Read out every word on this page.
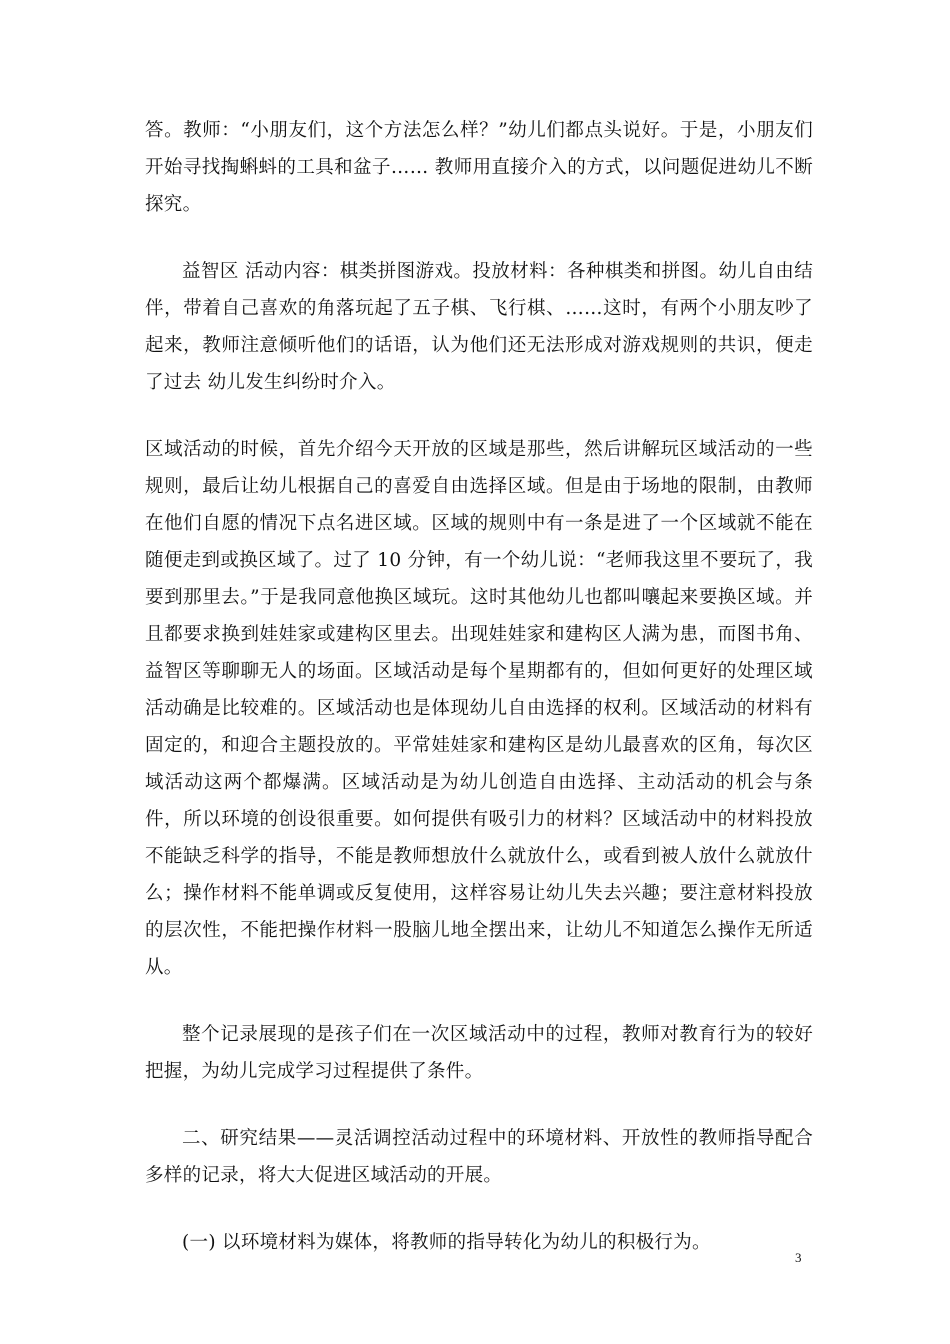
答。教师：“小朋友们，这个方法怎么样？”幼儿们都点头说好。于是，小朋友们开始寻找掏蝌蚪的工具和盆子…… 教师用直接介入的方式，以问题促进幼儿不断探究。

益智区 活动内容：棋类拼图游戏。投放材料：各种棋类和拼图。幼儿自由结伴，带着自己喜欢的角落玩起了五子棋、飞行棋、……这时，有两个小朋友吵了起来，教师注意倾听他们的话语，认为他们还无法形成对游戏规则的共识，便走了过去 幼儿发生纠纷时介入。

区域活动的时候，首先介绍今天开放的区域是那些，然后讲解玩区域活动的一些规则，最后让幼儿根据自己的喜爱自由选择区域。但是由于场地的限制，由教师在他们自愿的情况下点名进区域。区域的规则中有一条是进了一个区域就不能在随便走到或换区域了。过了 10 分钟，有一个幼儿说：“老师我这里不要玩了，我要到那里去。”于是我同意他换区域玩。这时其他幼儿也都叫嚷起来要换区域。并且都要求换到娃娃家或建构区里去。出现娃娃家和建构区人满为患，而图书角、益智区等聊聊无人的场面。区域活动是每个星期都有的，但如何更好的处理区域活动确是比较难的。区域活动也是体现幼儿自由选择的权利。区域活动的材料有固定的，和迎合主题投放的。平常娃娃家和建构区是幼儿最喜欢的区角，每次区域活动这两个都爆满。区域活动是为幼儿创造自由选择、主动活动的机会与条件，所以环境的创设很重要。如何提供有吸引力的材料？区域活动中的材料投放不能缺乏科学的指导，不能是教师想放什么就放什么，或看到被人放什么就放什么；操作材料不能单调或反复使用，这样容易让幼儿失去兴趣；要注意材料投放的层次性，不能把操作材料一股脑儿地全摆出来，让幼儿不知道怎么操作无所适从。

整个记录展现的是孩子们在一次区域活动中的过程，教师对教育行为的较好把握，为幼儿完成学习过程提供了条件。

二、研究结果——灵活调控活动过程中的环境材料、开放性的教师指导配合多样的记录，将大大促进区域活动的开展。

(一) 以环境材料为媒体，将教师的指导转化为幼儿的积极行为。

3
